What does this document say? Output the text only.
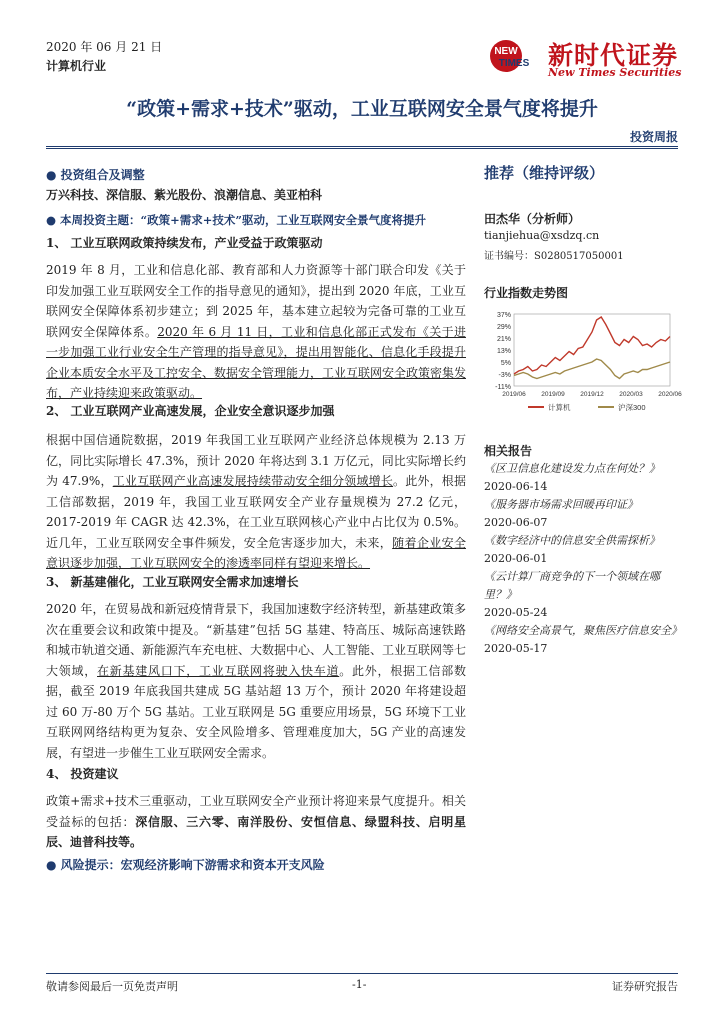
2020 年 06 月 21 日
计算机行业
NEW
TIMES 新时代证券
New Times Securities
“政策+需求+技术”驱动，工业互联网安全景气度将提升
投资周报
● 投资组合及调整
万兴科技、深信服、紫光股份、浪潮信息、美亚柏科
● 本周投资主题：“政策+需求+技术”驱动，工业互联网安全景气度将提升
1、 工业互联网政策持续发布，产业受益于政策驱动
2019 年 8 月，工业和信息化部、教育部和人力资源等十部门联合印发《关于印发加强工业互联网安全工作的指导意见的通知》，提出到 2020 年底，工业互联网安全保障体系初步建立；到 2025 年，基本建立起较为完备可靠的工业互联网安全保障体系。2020 年 6 月 11 日，工业和信息化部正式发布《关于进一步加强工业行业安全生产管理的指导意见》，提出用智能化、信息化手段提升企业本质安全水平及工控安全、数据安全管理能力，工业互联网安全政策密集发布，产业持续迎来政策驱动。
2、 工业互联网产业高速发展，企业安全意识逐步加强
根据中国信通院数据，2019 年我国工业互联网产业经济总体规模为 2.13 万亿，同比实际增长 47.3%，预计 2020 年将达到 3.1 万亿元，同比实际增长约为 47.9%，工业互联网产业高速发展持续带动安全细分领域增长。此外，根据工信部数据，2019 年，我国工业互联网安全产业存量规模为 27.2 亿元，2017-2019 年 CAGR 达 42.3%，在工业互联网核心产业中占比仅为 0.5%。近几年，工业互联网安全事件频发，安全危害逐步加大，未来，随着企业安全意识逐步加强，工业互联网安全的渗透率同样有望迎来增长。
3、 新基建催化，工业互联网安全需求加速增长
2020 年，在贸易战和新冠疫情背景下，我国加速数字经济转型，新基建政策多次在重要会议和政策中提及。“新基建”包括 5G 基建、特高压、城际高速铁路和城市轨道交通、新能源汽车充电桩、大数据中心、人工智能、工业互联网等七大领域，在新基建风口下，工业互联网将驶入快车道。此外，根据工信部数据，截至 2019 年底我国共建成 5G 基站超 13 万个，预计 2020 年将建设超过 60 万-80 万个 5G 基站。工业互联网是 5G 重要应用场景，5G 环境下工业互联网网络结构更为复杂、安全风险增多、管理难度加大，5G 产业的高速发展，有望进一步催生工业互联网安全需求。
4、 投资建议
政策+需求+技术三重驱动，工业互联网安全产业预计将迎来景气度提升。相关受益标的包括：深信服、三六零、南洋股份、安恒信息、绿盟科技、启明星辰、迪普科技等。
● 风险提示：宏观经济影响下游需求和资本开支风险
推荐（维持评级）
田杰华（分析师）
tianjiehua@xsdzq.cn
证书编号：S0280517050001
行业指数走势图
37%
29%
21%
13%
5%
-3%
-11%
2019/06 2019/09 2019/12 2020/03 2020/06
计算机	沪深300
相关报告
《区卫信息化建设发力点在何处？》
2020-06-14
《服务器市场需求回暖再印证》
2020-06-07
《数字经济中的信息安全供需探析》
2020-06-01
《云计算厂商竞争的下一个领域在哪里？》
2020-05-24
《网络安全高景气，聚焦医疗信息安全》
2020-05-17
敬请参阅最后一页免责声明	-1-	证券研究报告
